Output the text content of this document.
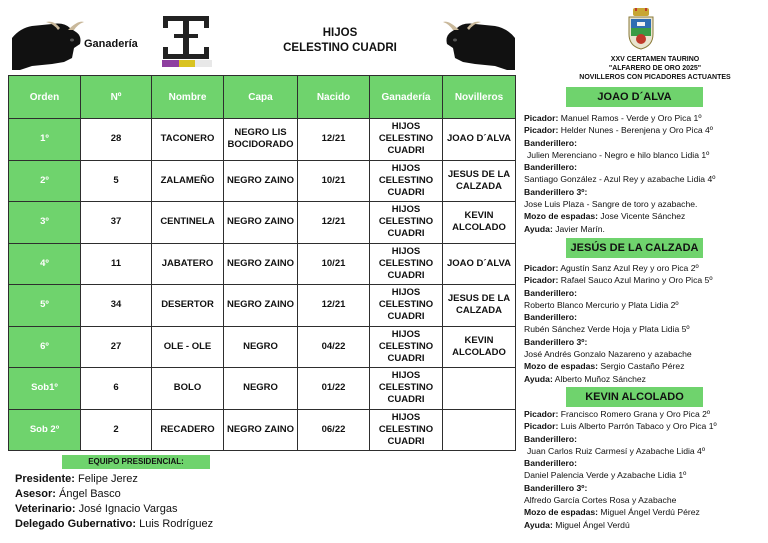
Ganadería
HIJOS
CELESTINO CUADRI
Orden	Nº	Nombre	Capa	Nacido	Ganadería	Novilleros
1º	28	TACONERO	NEGRO LIS BOCIDORADO	12/21	HIJOS CELESTINO CUADRI	JOAO D´ALVA
2º	5	ZALAMEÑO	NEGRO ZAINO	10/21	HIJOS CELESTINO CUADRI	JESUS DE LA CALZADA
3º	37	CENTINELA	NEGRO ZAINO	12/21	HIJOS CELESTINO CUADRI	KEVIN ALCOLADO
4º	11	JABATERO	NEGRO ZAINO	10/21	HIJOS CELESTINO CUADRI	JOAO D´ALVA
5º	34	DESERTOR	NEGRO ZAINO	12/21	HIJOS CELESTINO CUADRI	JESUS DE LA CALZADA
6º	27	OLE - OLE	NEGRO	04/22	HIJOS CELESTINO CUADRI	KEVIN ALCOLADO
Sob1º	6	BOLO	NEGRO	01/22	HIJOS CELESTINO CUADRI	
Sob 2º	2	RECADERO	NEGRO ZAINO	06/22	HIJOS CELESTINO CUADRI	
EQUIPO PRESIDENCIAL:
Presidente: Felipe Jerez
Asesor: Ángel Basco
Veterinario: José Ignacio Vargas
Delegado Gubernativo: Luis Rodríguez
XXV CERTAMEN TAURINO
"ALFARERO DE ORO 2025"
NOVILLEROS CON PICADORES ACTUANTES
JOAO D´ALVA
Picador: Manuel Ramos - Verde y Oro Pica 1º
Picador: Helder Nunes - Berenjena y Oro Pica 4º
Banderillero:
Julien Merenciano - Negro e hilo blanco Lidia 1º
Banderillero:
Santiago González - Azul Rey y azabache Lidia 4º
Banderillero 3º:
Jose Luis Plaza - Sangre de toro y azabache.
Mozo de espadas: Jose Vicente Sánchez
Ayuda: Javier Marín.
JESÚS DE LA CALZADA
Picador: Agustín Sanz Azul Rey y oro Pica 2º
Picador: Rafael Sauco Azul Marino y Oro Pica 5º
Banderillero:
Roberto Blanco Mercurio y Plata Lidia 2º
Banderillero:
Rubén Sánchez Verde Hoja y Plata Lidia 5º
Banderillero 3º:
José Andrés Gonzalo Nazareno y azabache
Mozo de espadas: Sergio Castaño Pérez
Ayuda: Alberto Muñoz Sánchez
KEVIN ALCOLADO
Picador: Francisco Romero Grana y Oro Pica 2º
Picador: Luis Alberto Parrón Tabaco y Oro Pica 1º
Banderillero:
Juan Carlos Ruiz Carmesí y Azabache Lidia 4º
Banderillero:
Daniel Palencia Verde y Azabache Lidia 1º
Banderillero 3º:
Alfredo García Cortes Rosa y Azabache
Mozo de espadas: Miguel Ángel Verdú Pérez
Ayuda: Miguel Ángel Verdú
